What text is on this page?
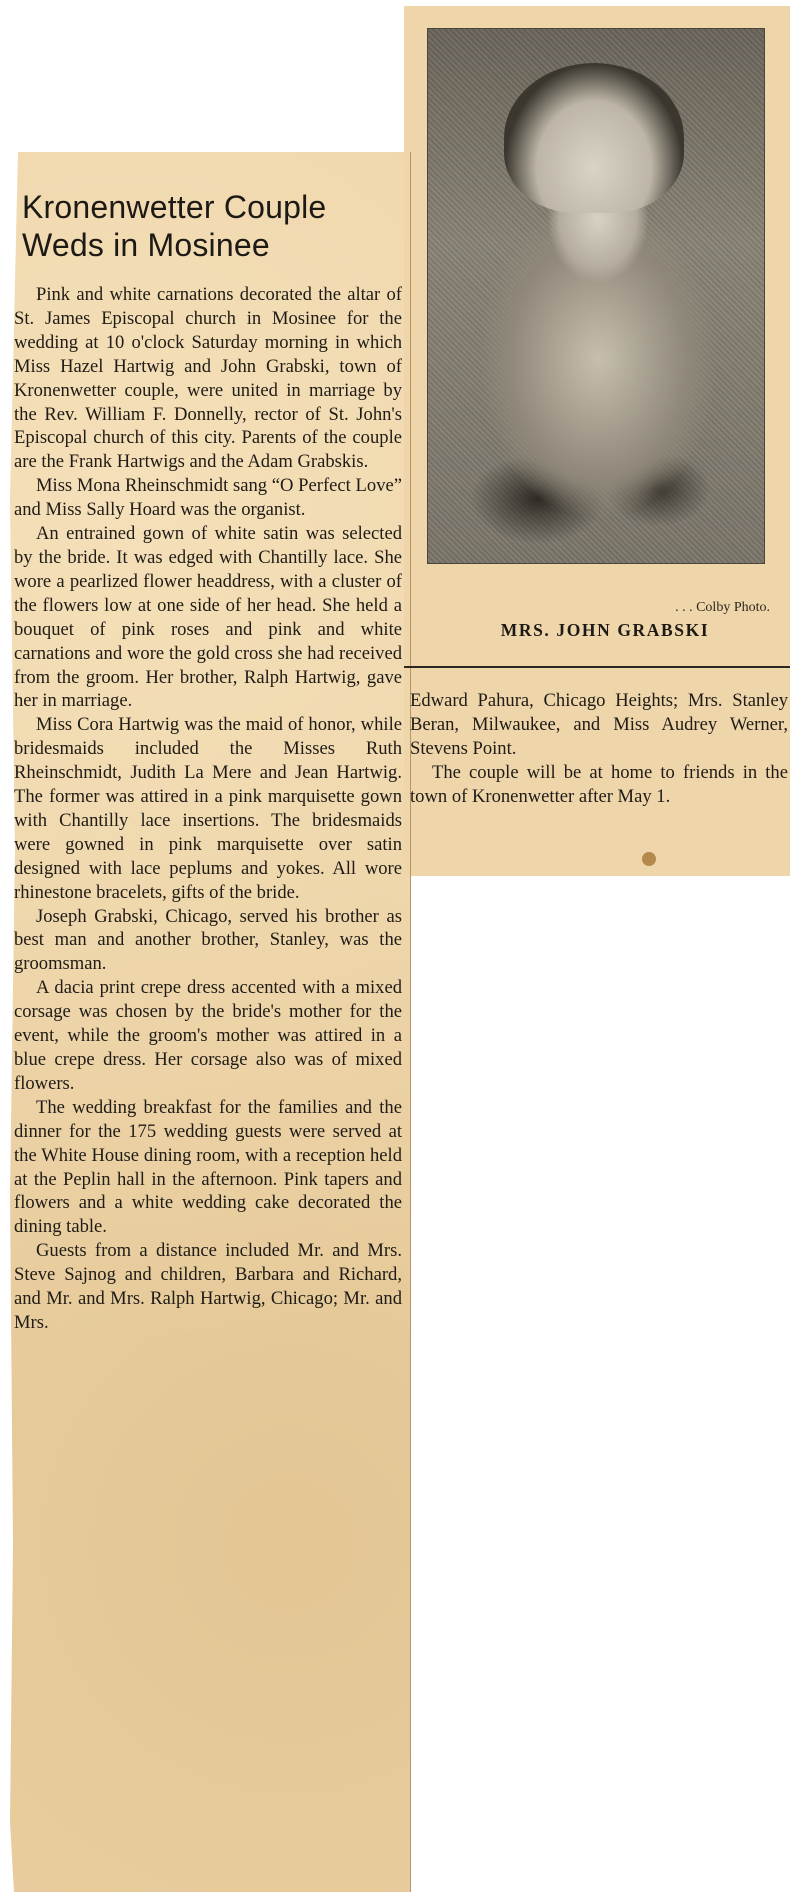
Kronenwetter Couple
Weds in Mosinee

Pink and white carnations decorated the altar of St. James Episcopal church in Mosinee for the wedding at 10 o'clock Saturday morning in which Miss Hazel Hartwig and John Grabski, town of Kronenwetter couple, were united in marriage by the Rev. William F. Donnelly, rector of St. John's Episcopal church of this city. Parents of the couple are the Frank Hartwigs and the Adam Grabskis.

Miss Mona Rheinschmidt sang “O Perfect Love” and Miss Sally Hoard was the organist.

An entrained gown of white satin was selected by the bride. It was edged with Chantilly lace. She wore a pearlized flower headdress, with a cluster of the flowers low at one side of her head. She held a bouquet of pink roses and pink and white carnations and wore the gold cross she had received from the groom. Her brother, Ralph Hartwig, gave her in marriage.

Miss Cora Hartwig was the maid of honor, while bridesmaids included the Misses Ruth Rheinschmidt, Judith La Mere and Jean Hartwig. The former was attired in a pink marquisette gown with Chantilly lace insertions. The bridesmaids were gowned in pink marquisette over satin designed with lace peplums and yokes. All wore rhinestone bracelets, gifts of the bride.

Joseph Grabski, Chicago, served his brother as best man and another brother, Stanley, was the groomsman.

A dacia print crepe dress accented with a mixed corsage was chosen by the bride's mother for the event, while the groom's mother was attired in a blue crepe dress. Her corsage also was of mixed flowers.

The wedding breakfast for the families and the dinner for the 175 wedding guests were served at the White House dining room, with a reception held at the Peplin hall in the afternoon. Pink tapers and flowers and a white wedding cake decorated the dining table.

Guests from a distance included Mr. and Mrs. Steve Sajnog and children, Barbara and Richard, and Mr. and Mrs. Ralph Hartwig, Chicago; Mr. and Mrs.

. . . Colby Photo.
MRS. JOHN GRABSKI

Edward Pahura, Chicago Heights; Mrs. Stanley Beran, Milwaukee, and Miss Audrey Werner, Stevens Point.

The couple will be at home to friends in the town of Kronenwetter after May 1.
